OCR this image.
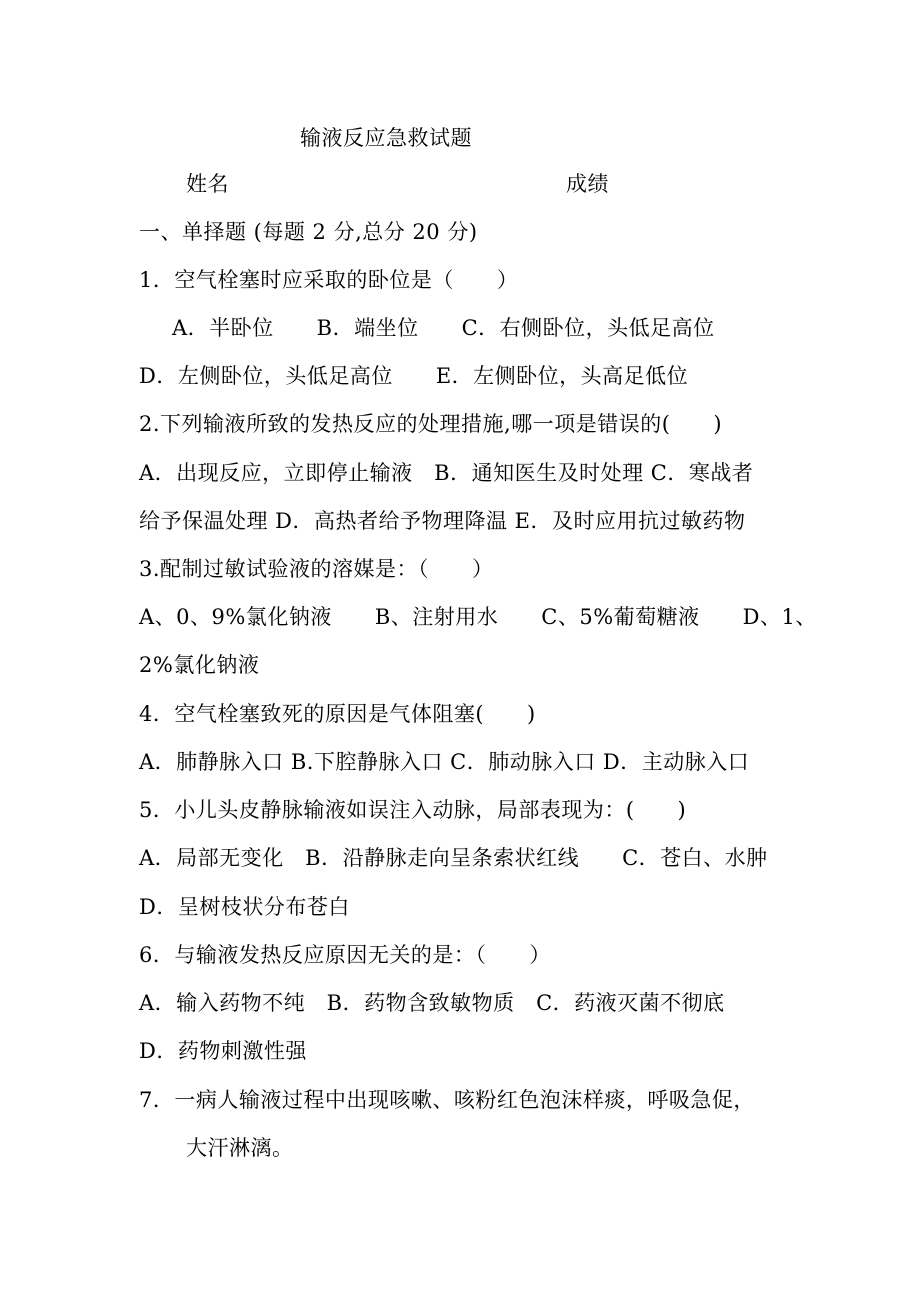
输液反应急救试题
姓名	成绩
一、单择题 (每题 2 分,总分 20 分)
1．空气栓塞时应采取的卧位是（　　）
A．半卧位　　B．端坐位　　C．右侧卧位，头低足高位
D．左侧卧位，头低足高位　　E．左侧卧位，头高足低位
2.下列输液所致的发热反应的处理措施,哪一项是错误的(　　)
A．出现反应，立即停止输液　B．通知医生及时处理 C．寒战者
给予保温处理 D．高热者给予物理降温 E．及时应用抗过敏药物
3.配制过敏试验液的溶媒是：（　　）
A、0、9%氯化钠液　　B、注射用水　　C、5%葡萄糖液　　D、1、
2%氯化钠液
4．空气栓塞致死的原因是气体阻塞(　　)
A．肺静脉入口 B.下腔静脉入口 C．肺动脉入口 D．主动脉入口
5．小儿头皮静脉输液如误注入动脉，局部表现为：(　　)
A．局部无变化　B．沿静脉走向呈条索状红线　　C．苍白、水肿
D．呈树枝状分布苍白
6．与输液发热反应原因无关的是：（　　）
A．输入药物不纯　B．药物含致敏物质　C．药液灭菌不彻底
D．药物刺激性强
7．一病人输液过程中出现咳嗽、咳粉红色泡沫样痰，呼吸急促，
大汗淋漓。
